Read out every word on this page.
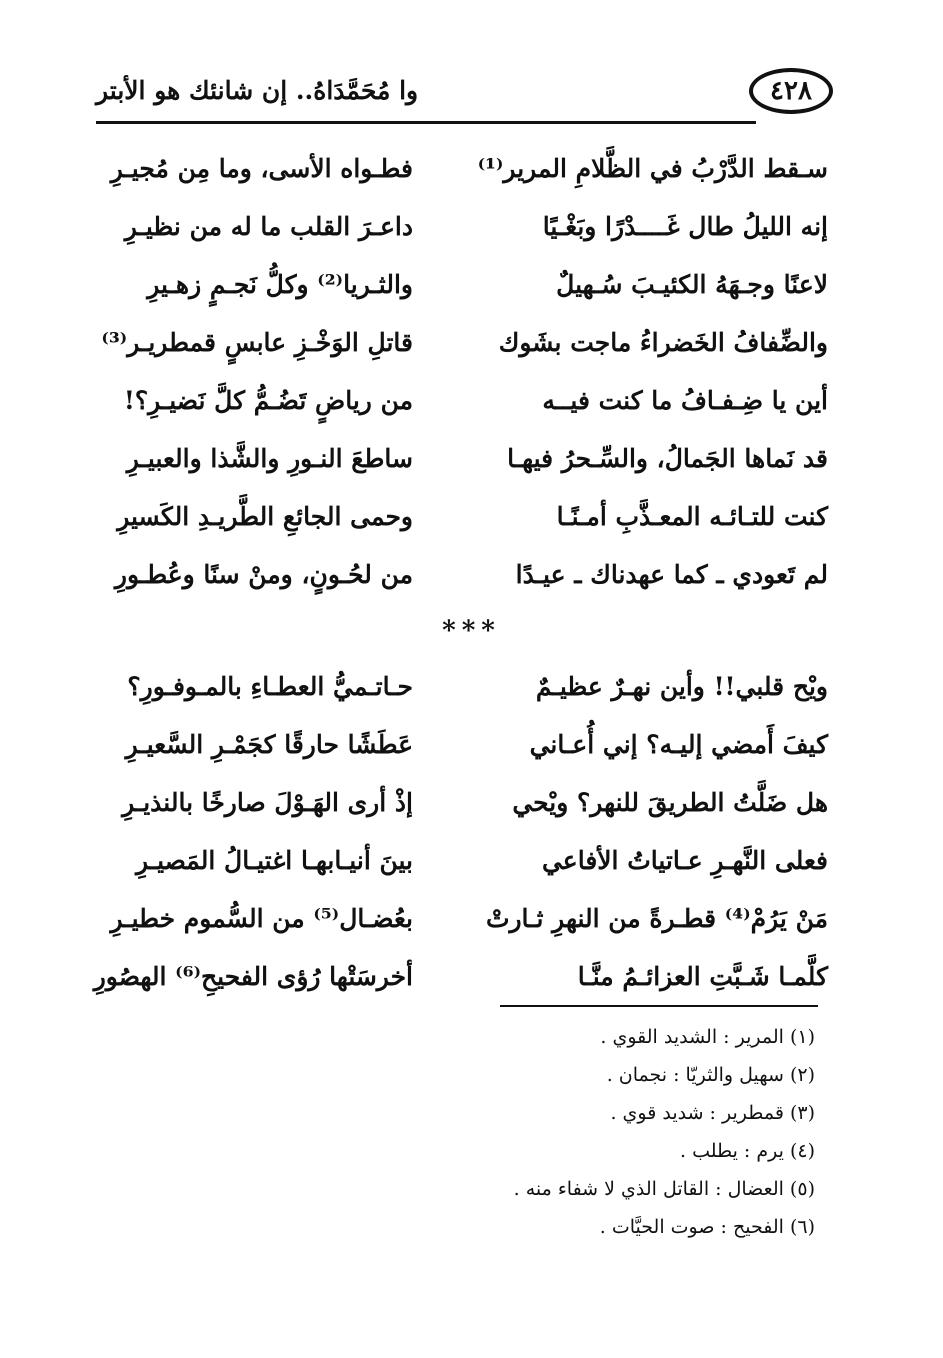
٤٢٨
وا مُحَمَّدَاهُ.. إن شانئك هو الأبتر
سـقط الدَّرْبُ في الظَّلامِ المرير⁽¹⁾
فطـواه الأسى، وما مِن مُجيـرِ
إنه الليلُ طال غَــــدْرًا وبَغْـيًا
داعـرَ القلب ما له من نظيـرِ
لاعنًا وجـهَهُ الكئيـبَ سُـهيلٌ
والثـريا⁽²⁾ وكلُّ نَجـمٍ زهـيرِ
والضِّفافُ الخَضراءُ ماجت بشَوك
قاتلِ الوَخْـزِ عابسٍ قمطريـر⁽³⁾
أين يا ضِـفـافُ ما كنت فيــه
من رياضٍ تَضُـمُّ كلَّ نَضيـرِ؟!
قد نَماها الجَمالُ، والسِّـحرُ فيهـا
ساطعَ النـورِ والشَّذا والعبيـرِ
كنت للتـائـه المعـذَّبِ أمـنًـا
وحمى الجائعِ الطَّريـدِ الكَسيرِ
لم تَعودي ـ كما عهدناك ـ عيـدًا
من لحُـونٍ، ومنْ سنًا وعُطـورِ
***
ويْح قلبي!! وأين نهـرٌ عظيـمٌ
حـاتـميُّ العطـاءِ بالمـوفـورِ؟
كيفَ أَمضي إليـه؟ إني أُعـاني
عَطَشًا حارقًا كجَمْـرِ السَّعيـرِ
هل ضَلَّتُ الطريقَ للنهر؟ ويْحي
إذْ أرى الهَـوْلَ صارخًا بالنذيـرِ
فعلى النَّهـرِ عـاتياتُ الأفاعي
بينَ أنيـابهـا اغتيـالُ المَصيـرِ
مَنْ يَرُمْ⁽⁴⁾ قطـرةً من النهرِ ثـارتْ
بعُضـال⁽⁵⁾ من السُّموم خطيـرِ
كلَّمـا شَـبَّتِ العزائـمُ منَّـا
أخرسَتْها رُؤى الفحيحِ⁽⁶⁾ الهصُورِ
(١) المرير : الشديد القوي .
(٢) سهيل والثريّا : نجمان .
(٣) قمطرير : شديد قوي .
(٤) يرم : يطلب .
(٥) العضال : القاتل الذي لا شفاء منه .
(٦) الفحيح : صوت الحيَّات .
